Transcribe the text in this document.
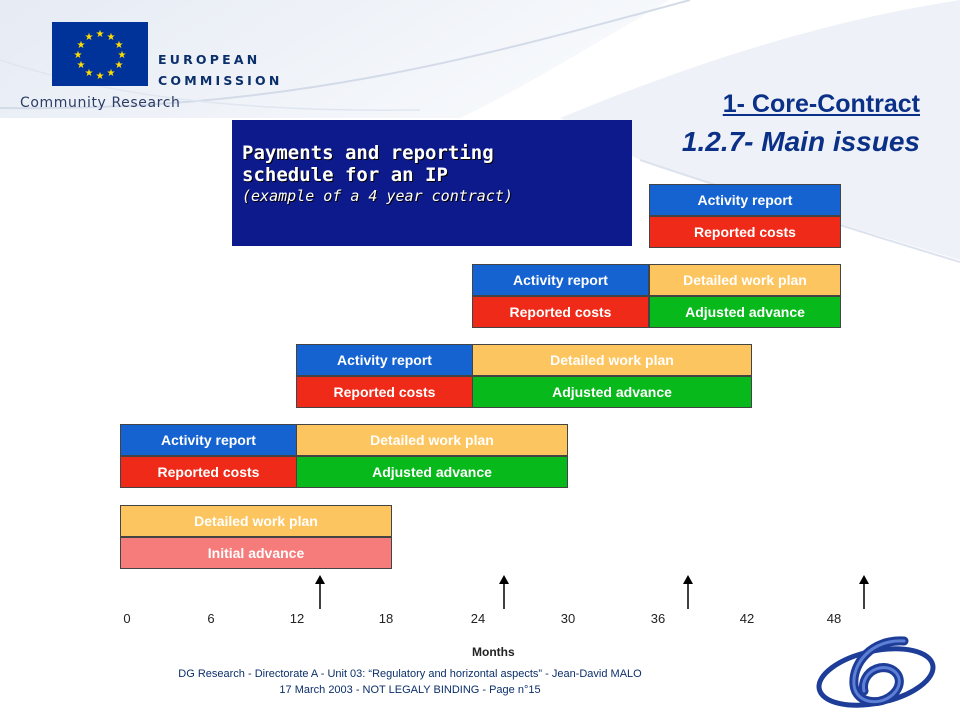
★ ★
★
★
★
★
★
★
★
★
★
★
EUROPEAN
COMMISSION
Community Research	1- Core-Contract
1.2.7- Main issues
Payments and reporting
schedule for an IP
(example of a 4 year contract)	Activity report
Reported costs
Activity report	Detailed work plan
Reported costs	Adjusted advance
Activity report	Detailed work plan
Reported costs	Adjusted advance
Activity report	Detailed work plan
Reported costs	Adjusted advance
Detailed work plan
Initial advance
0	6	12	18	24	30	36	42	48
Months
DG Research - Directorate A - Unit 03: “Regulatory and horizontal aspects” - Jean-David MALO
17 March 2003 - NOT LEGALY BINDING - Page n°15
